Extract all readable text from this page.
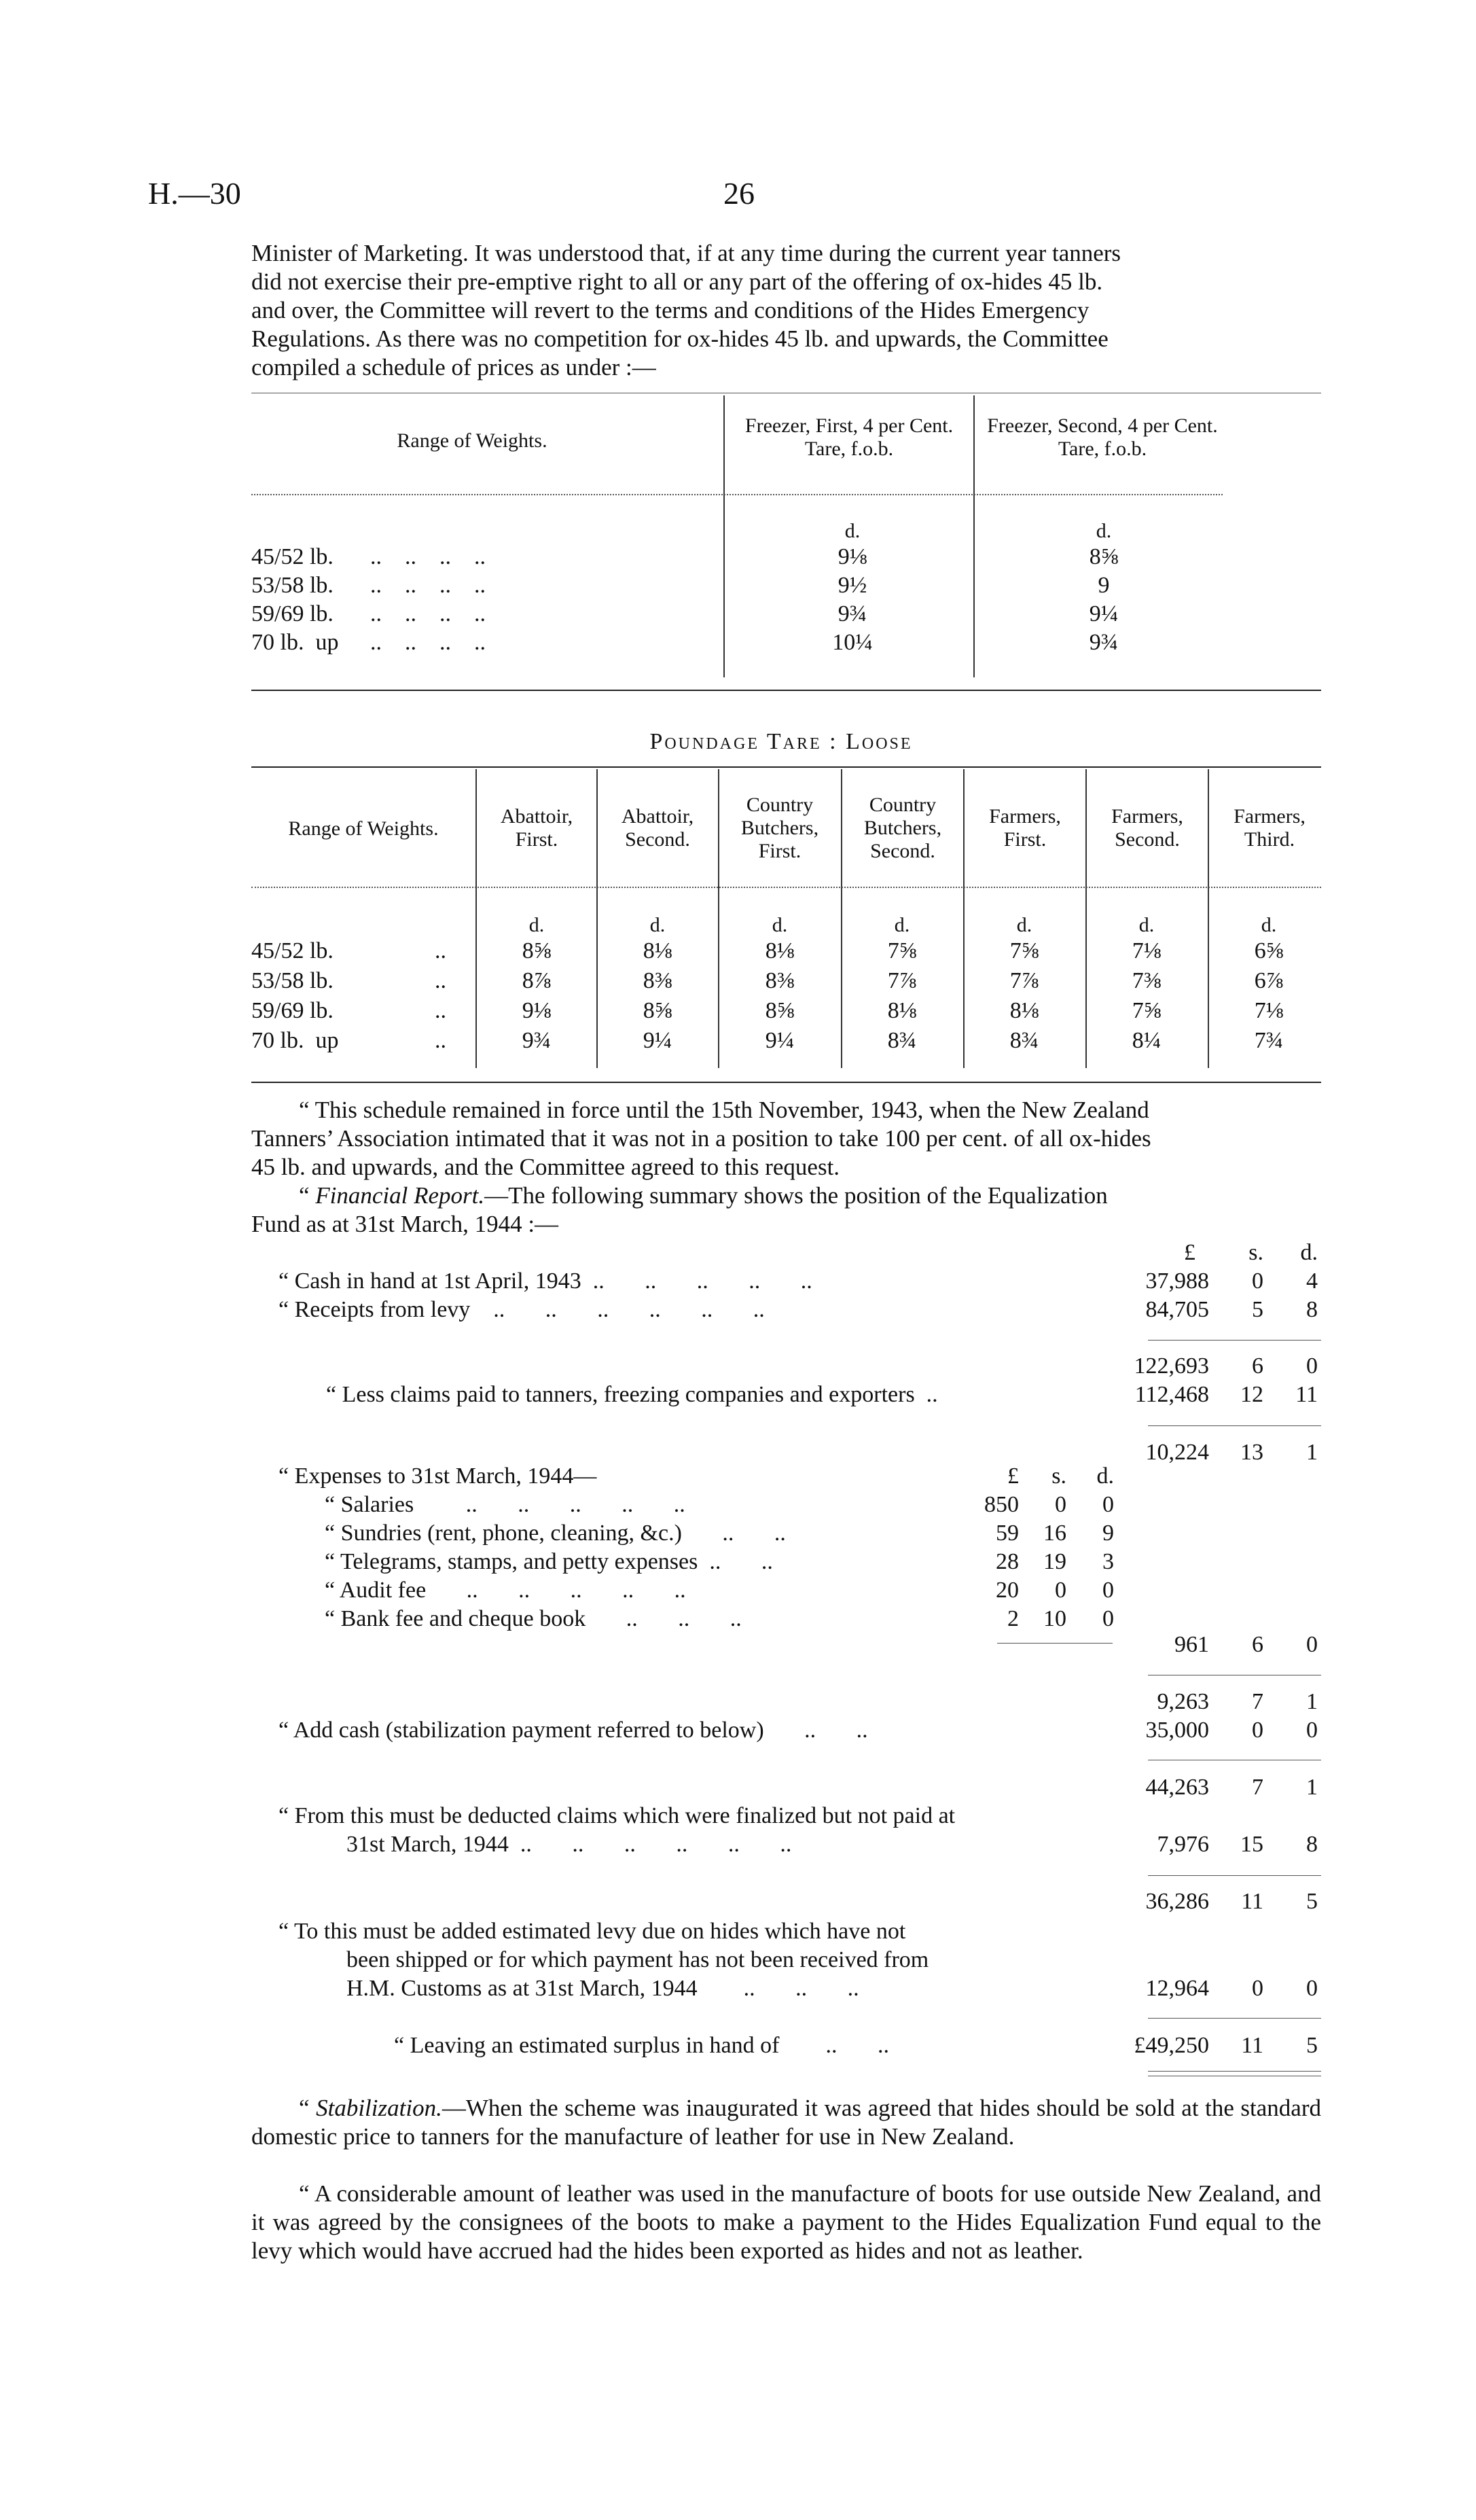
H.—30	26
Minister of Marketing. It was understood that, if at any time during the current year tanners
did not exercise their pre-emptive right to all or any part of the offering of ox-hides 45 lb.
and over, the Committee will revert to the terms and conditions of the Hides Emergency
Regulations. As there was no competition for ox-hides 45 lb. and upwards, the Committee
compiled a schedule of prices as under :—
Range of Weights.
Freezer, First, 4 per Cent. Tare, f.o.b.
Freezer, Second, 4 per Cent. Tare, f.o.b.
d.	d.
45/52 lb. ..    ..    ..    ..	9⅛	8⅝
53/58 lb. ..    ..    ..    ..	9½	9
59/69 lb. ..    ..    ..    ..	9¾	9¼
70 lb.  up ..    ..    ..    ..	10¼	9¾
Poundage Tare : Loose
Range of Weights.
Abattoir, First.
Abattoir, Second.
Country Butchers, First.
Country Butchers, Second.
Farmers, First.
Farmers, Second.
Farmers, Third.
d.	d.	d.	d.	d.	d.	d.
45/52 lb.	..	8⅝	8⅛	8⅛	7⅝	7⅝	7⅛	6⅝
53/58 lb.	..	8⅞	8⅜	8⅜	7⅞	7⅞	7⅜	6⅞
59/69 lb.	..	9⅛	8⅝	8⅝	8⅛	8⅛	7⅝	7⅛
70 lb.  up	..	9¾	9¼	9¼	8¾	8¾	8¼	7¾
“ This schedule remained in force until the 15th November, 1943, when the New Zealand
Tanners’ Association intimated that it was not in a position to take 100 per cent. of all ox-hides
45 lb. and upwards, and the Committee agreed to this request.
“ Financial Report.—The following summary shows the position of the Equalization
Fund as at 31st March, 1944 :—
£	s.	d.
“ Cash in hand at 1st April, 1943  ..       ..       ..       ..       ..	37,988	0	4
“ Receipts from levy    ..       ..       ..       ..       ..       ..	84,705	5	8
122,693	6	0
“ Less claims paid to tanners, freezing companies and exporters  ..	112,468 12	11
10,224 13	1
“ Expenses to 31st March, 1944—	£	s.	d.
“ Salaries         ..       ..       ..       ..       ..	850	0	0
“ Sundries (rent, phone, cleaning, &c.)       ..       ..	59 16	9
“ Telegrams, stamps, and petty expenses  ..       ..	28 19	3
“ Audit fee       ..       ..       ..       ..       ..	20	0	0
“ Bank fee and cheque book       ..       ..       ..	2 10	0
961	6	0
9,263	7	1
“ Add cash (stabilization payment referred to below)       ..       ..	35,000	0	0
44,263	7	1
“ From this must be deducted claims which were finalized but not paid at
31st March, 1944  ..       ..       ..       ..       ..       ..	7,976 15	8
36,286 11	5
“ To this must be added estimated levy due on hides which have not
been shipped or for which payment has not been received from
H.M. Customs as at 31st March, 1944        ..       ..       ..	12,964	0	0
“ Leaving an estimated surplus in hand of        ..       ..	£49,250 11	5
“ Stabilization.—When the scheme was inaugurated it was agreed that hides should be sold at the standard domestic price to tanners for the manufacture of leather for use in New Zealand.
“ A considerable amount of leather was used in the manufacture of boots for use outside New Zealand, and it was agreed by the consignees of the boots to make a payment to the Hides Equalization Fund equal to the levy which would have accrued had the hides been exported as hides and not as leather.
